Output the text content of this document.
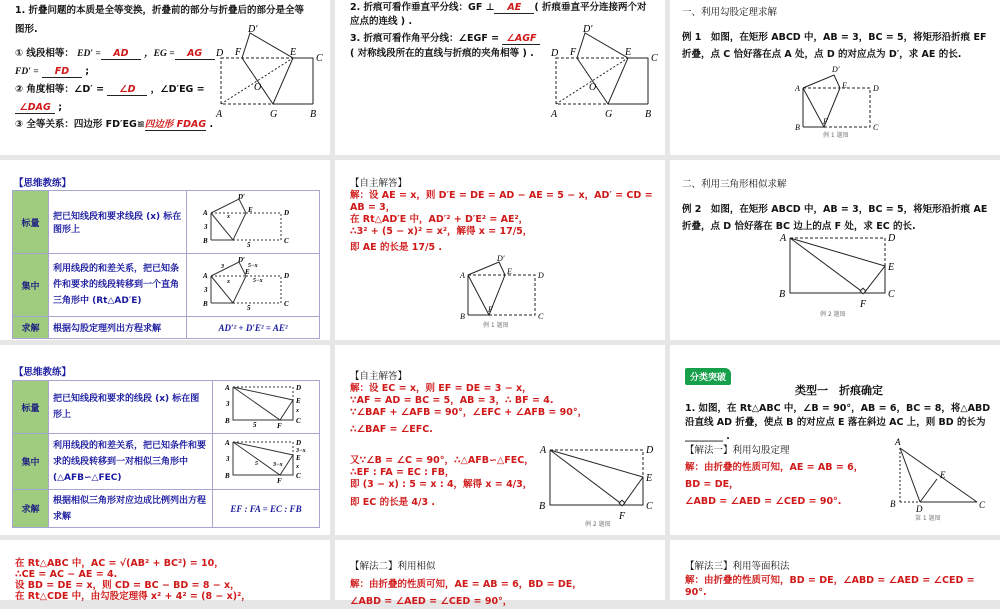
1. 折叠问题的本质是全等变换，折叠前的部分与折叠后的部分是全等
图形.
① 线段相等： ED′ = AD ，EG = AG
FD′ = FD ;
② 角度相等：∠D′ = ∠D ，∠D′EG =
∠DAG ;
③ 全等关系：四边形 FD′EG≌四边形 FDAG .
D′
D F	E
C
O
A	G	B
2. 折痕可看作垂直平分线：GF ⊥ AE ( 折痕垂直平分连接两个对
应点的连线 ) .
3. 折痕可看作角平分线：∠EGF = ∠AGF
( 对称线段所在的直线与折痕的夹角相等 ) .
D′
D F	E
C
O
A	G	B
一、利用勾股定理求解
例 1　如图，在矩形 ABCD 中，AB = 3，BC = 5，将矩形沿折痕 EF
折叠，点 C 恰好落在点 A 处，点 D 的对应点为 D′，求 AE 的长.
D′
A	E	D
F
B	C
例 1 题图
【思维教练】
标量	把已知线段和要求线段 (x) 标在图形上	
D′
A	E	D
x
3
B	C
5

集中	利用线段的和差关系，把已知条件和要求的线段转移到一个直角三角形中 (Rt△AD′E)	
D′
3	5−x
A	E	D
5−x
x
3
B	C
5

求解	根据勾股定理列出方程求解	AD′² + D′E² = AE²
【自主解答】
解：设 AE = x，则 D′E = DE = AD − AE = 5 − x，AD′ = CD =
AB = 3，
在 Rt△AD′E 中，AD′² + D′E² = AE²，
∴3² + (5 − x)² = x²，解得 x = 17/5，
即 AE 的长是 17/5 .
D′
A	E	D
F
B	C
例 1 题图
二、利用三角形相似求解
例 2　如图，在矩形 ABCD 中，AB = 3，BC = 5，将矩形沿折痕 AE
折叠，点 D 恰好落在 BC 边上的点 F 处，求 EC 的长.
A	D
E
B	C
F
例 2 题图
【思维教练】
标量	把已知线段和要求的线段 (x) 标在图形上	
A	D
E
x
3
B	C
5	F

集中	利用线段的和差关系，把已知条件和要求的线段转移到一对相似三角形中 (△AFB∽△FEC)	
A	D
3−x
E
x
3
5	3−x
B	C
F

求解	根据相似三角形对应边成比例列出方程求解	EF : FA = EC : FB
【自主解答】
解：设 EC = x，则 EF = DE = 3 − x，
∵AF = AD = BC = 5，AB = 3，∴ BF = 4.
∵∠BAF + ∠AFB = 90°，∠EFC + ∠AFB = 90°，
∴∠BAF = ∠EFC.
又∵∠B = ∠C = 90°，∴△AFB∽△FEC，
∴EF : FA = EC : FB，
即 (3 − x) : 5 = x : 4，解得 x = 4/3，
即 EC 的长是 4/3 .
A	D
E
B	C
F
例 2 题图
分类突破
类型一　折痕确定
1. 如图，在 Rt△ABC 中，∠B = 90°，AB = 6，BC = 8，将△ABD
沿直线 AD 折叠，使点 B 的对应点 E 落在斜边 AC 上，则 BD 的长为
________ .
【解法一】利用勾股定理
解：由折叠的性质可知，AE = AB = 6，
BD = DE，
∠ABD = ∠AED = ∠CED = 90°.
A
E
B D	C
第 1 题图
在 Rt△ABC 中，AC = √(AB² + BC²) = 10，
∴CE = AC − AE = 4.
设 BD = DE = x，则 CD = BC − BD = 8 − x，
在 Rt△CDE 中，由勾股定理得 x² + 4² = (8 − x)²，
【解法二】利用相似
解：由折叠的性质可知，AE = AB = 6，BD = DE，
∠ABD = ∠AED = ∠CED = 90°，
【解法三】利用等面积法
解：由折叠的性质可知，BD = DE，∠ABD = ∠AED = ∠CED =
90°.
